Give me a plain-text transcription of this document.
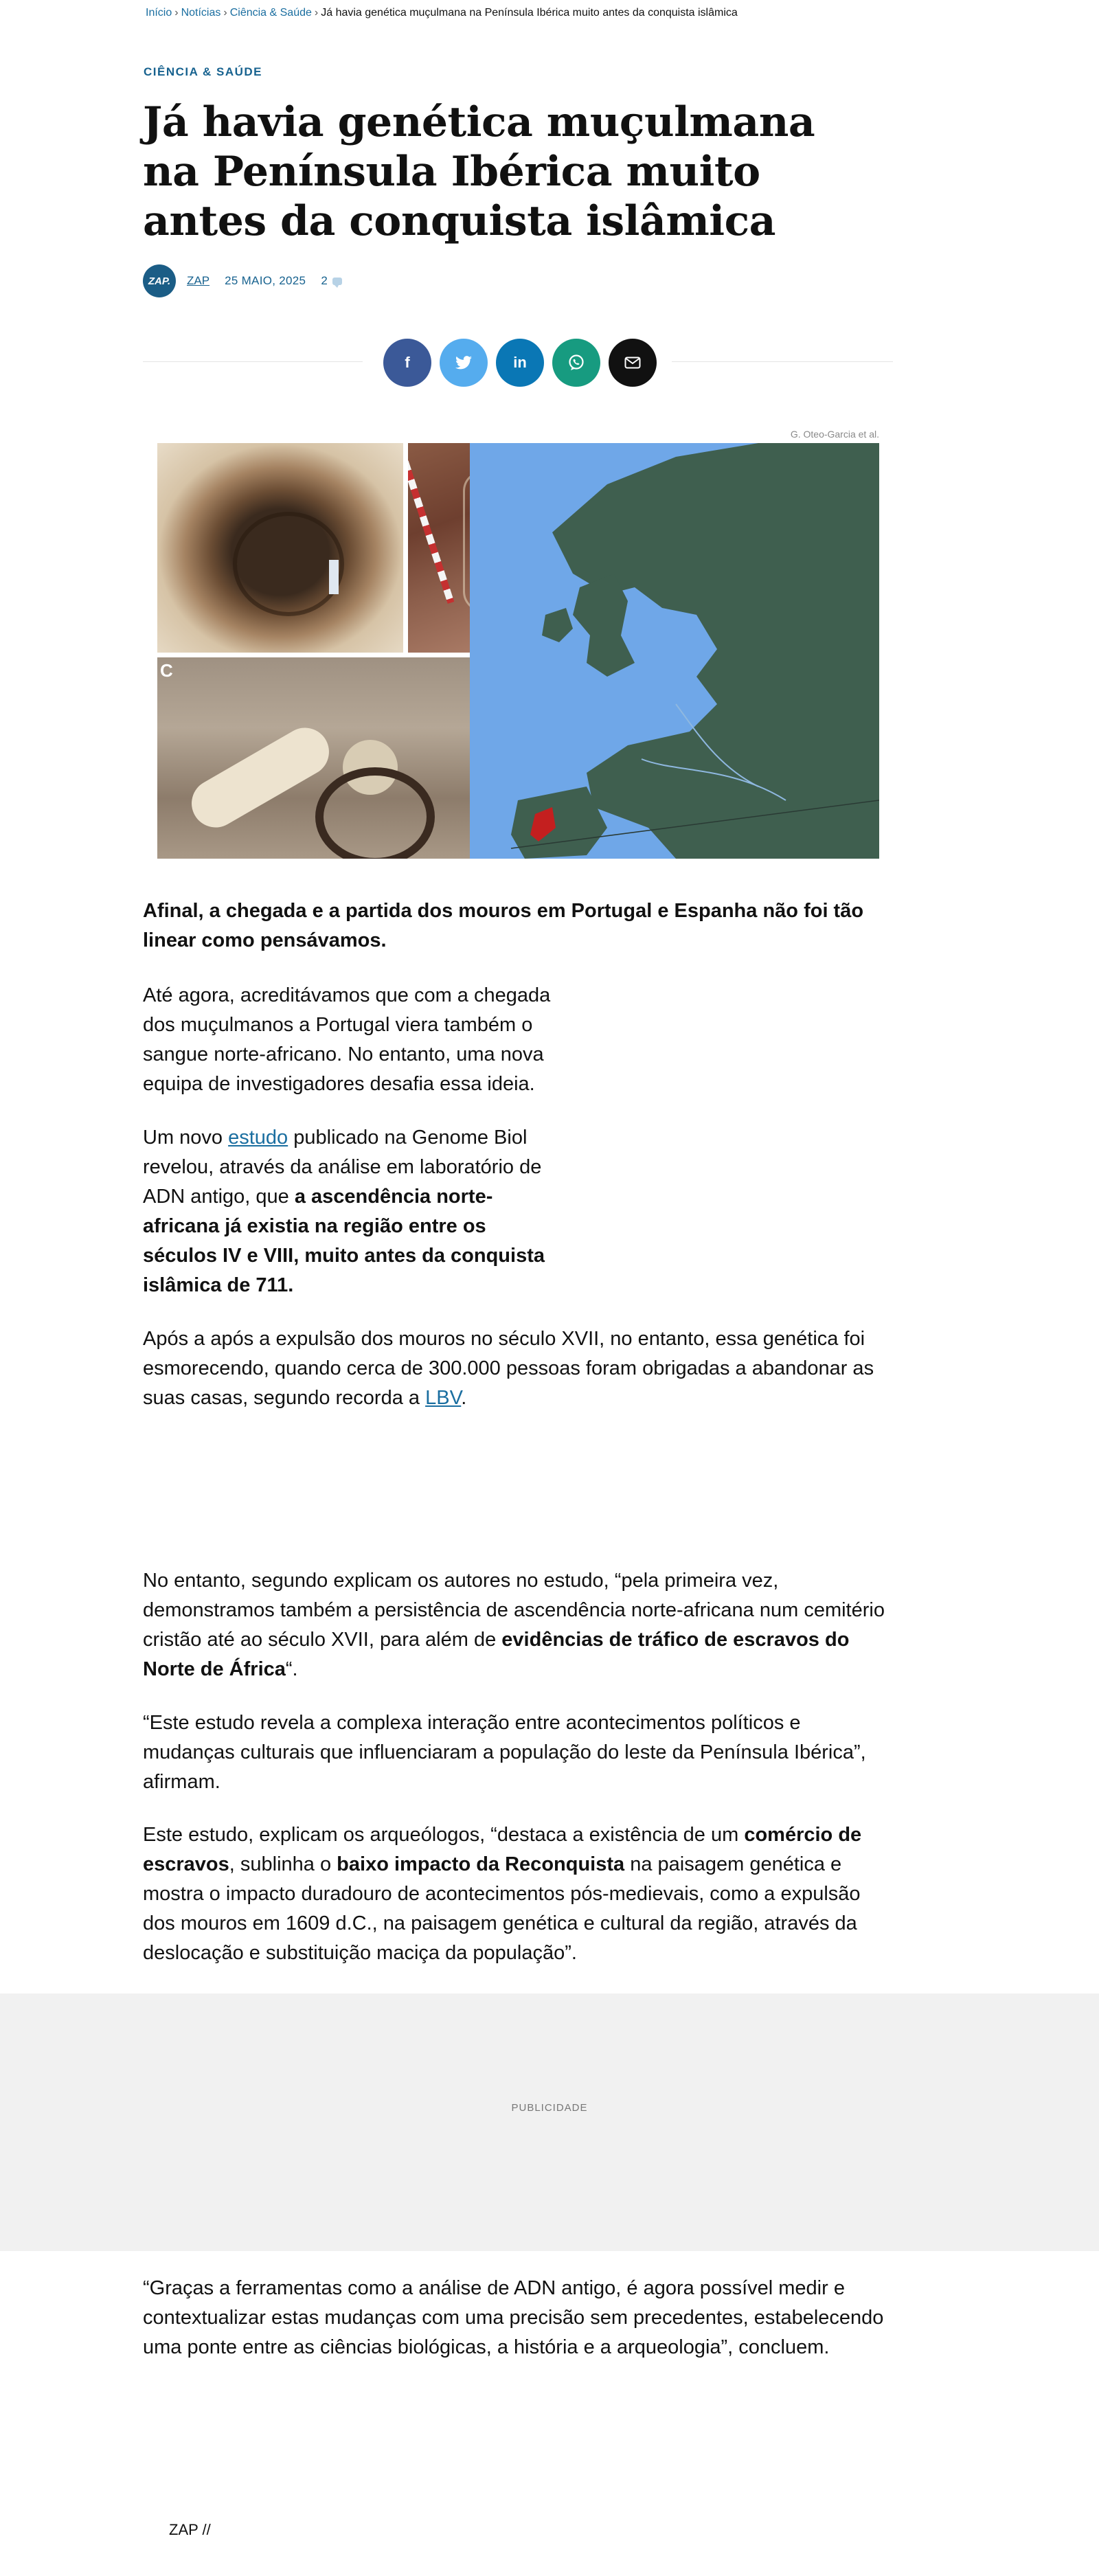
Início › Notícias › Ciência & Saúde › Já havia genética muçulmana na Península Ibérica muito antes da conquista islâmica
CIÊNCIA & SAÚDE
Já havia genética muçulmana na Península Ibérica muito antes da conquista islâmica
ZAP.	ZAP 25 MAIO, 2025 2
f	in
G. Oteo-Garcia et al.
C

Afinal, a chegada e a partida dos mouros em Portugal e Espanha não foi tão linear como pensávamos.

Até agora, acreditávamos que com a chegada dos muçulmanos a Portugal viera também o sangue norte-africano. No entanto, uma nova equipa de investigadores desafia essa ideia.

Um novo estudo publicado na Genome Biol revelou, através da análise em laboratório de ADN antigo, que a ascendência norte-africana já existia na região entre os séculos IV e VIII, muito antes da conquista islâmica de 711.

Após a após a expulsão dos mouros no século XVII, no entanto, essa genética foi esmorecendo, quando cerca de 300.000 pessoas foram obrigadas a abandonar as suas casas, segundo recorda a LBV.

No entanto, segundo explicam os autores no estudo, “pela primeira vez, demonstramos também a persistência de ascendência norte-africana num cemitério cristão até ao século XVII, para além de evidências de tráfico de escravos do Norte de África“.

“Este estudo revela a complexa interação entre acontecimentos políticos e mudanças culturais que influenciaram a população do leste da Península Ibérica”, afirmam.

Este estudo, explicam os arqueólogos, “destaca a existência de um comércio de escravos, sublinha o baixo impacto da Reconquista na paisagem genética e mostra o impacto duradouro de acontecimentos pós-medievais, como a expulsão dos mouros em 1609 d.C., na paisagem genética e cultural da região, através da deslocação e substituição maciça da população”.

PUBLICIDADE

“Graças a ferramentas como a análise de ADN antigo, é agora possível medir e contextualizar estas mudanças com uma precisão sem precedentes, estabelecendo uma ponte entre as ciências biológicas, a história e a arqueologia”, concluem.

ZAP //
